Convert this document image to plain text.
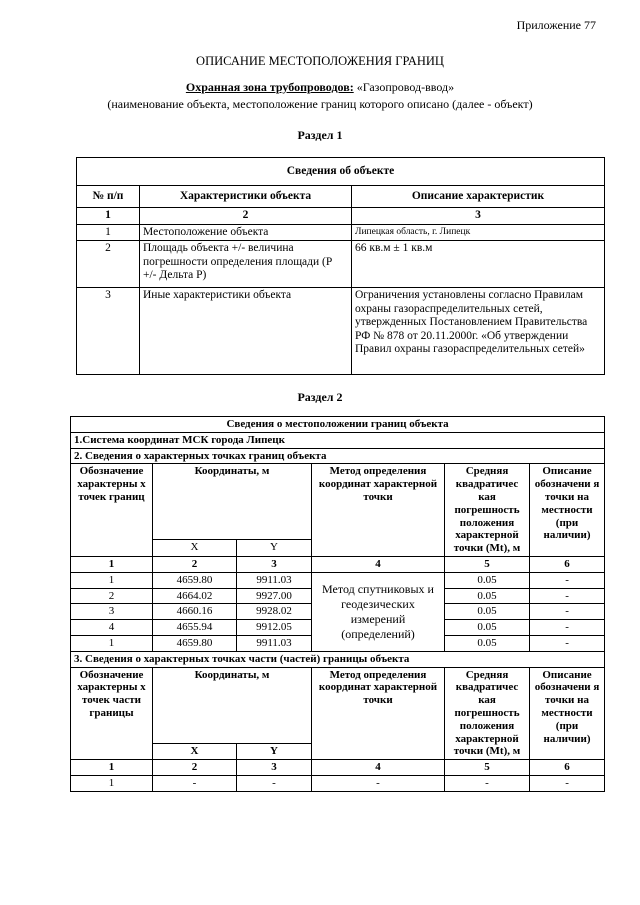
Приложение 77
ОПИСАНИЕ МЕСТОПОЛОЖЕНИЯ ГРАНИЦ
Охранная зона трубопроводов: «Газопровод-ввод»
(наименование объекта, местоположение границ которого описано (далее - объект)
Раздел 1
Сведения об объекте		
№ п/п	Характеристики объекта	Описание характеристик
1	2	3
1	Местоположение объекта	Липецкая область, г. Липецк
2	Площадь объекта +/- величина погрешности определения площади (P +/- Дельта P)	66 кв.м ± 1 кв.м
3	Иные характеристики объекта	Ограничения установлены согласно Правилам охраны газораспределительных сетей, утвержденных Постановлением Правительства РФ № 878 от 20.11.2000г. «Об утверждении Правил охраны газораспределительных сетей»
Раздел 2
Сведения о местоположении границ объекта					
1.Система координат МСК города Липецк					
2. Сведения о характерных точках границ объекта					
Обозначение характерны х точек границ	Координаты, м		Метод определения координат характерной точки	Средняя квадратичес кая погрешность положения характерной точки (Mt), м	Описание обозначени я точки на местности (при наличии)
	X	Y			
1	2	3	4	5	6
1	4659.80	9911.03	Метод спутниковых и геодезических измерений (определений)	0.05	-
2	4664.02	9927.00		0.05	-
3	4660.16	9928.02		0.05	-
4	4655.94	9912.05		0.05	-
1	4659.80	9911.03		0.05	-
3. Сведения о характерных точках части (частей) границы объекта					
Обозначение характерны х точек части границы	Координаты, м		Метод определения координат характерной точки	Средняя квадратичес кая погрешность положения характерной точки (Mt), м	Описание обозначени я точки на местности (при наличии)
	X	Y			
1	2	3	4	5	6
1	-	-	-	-	-
